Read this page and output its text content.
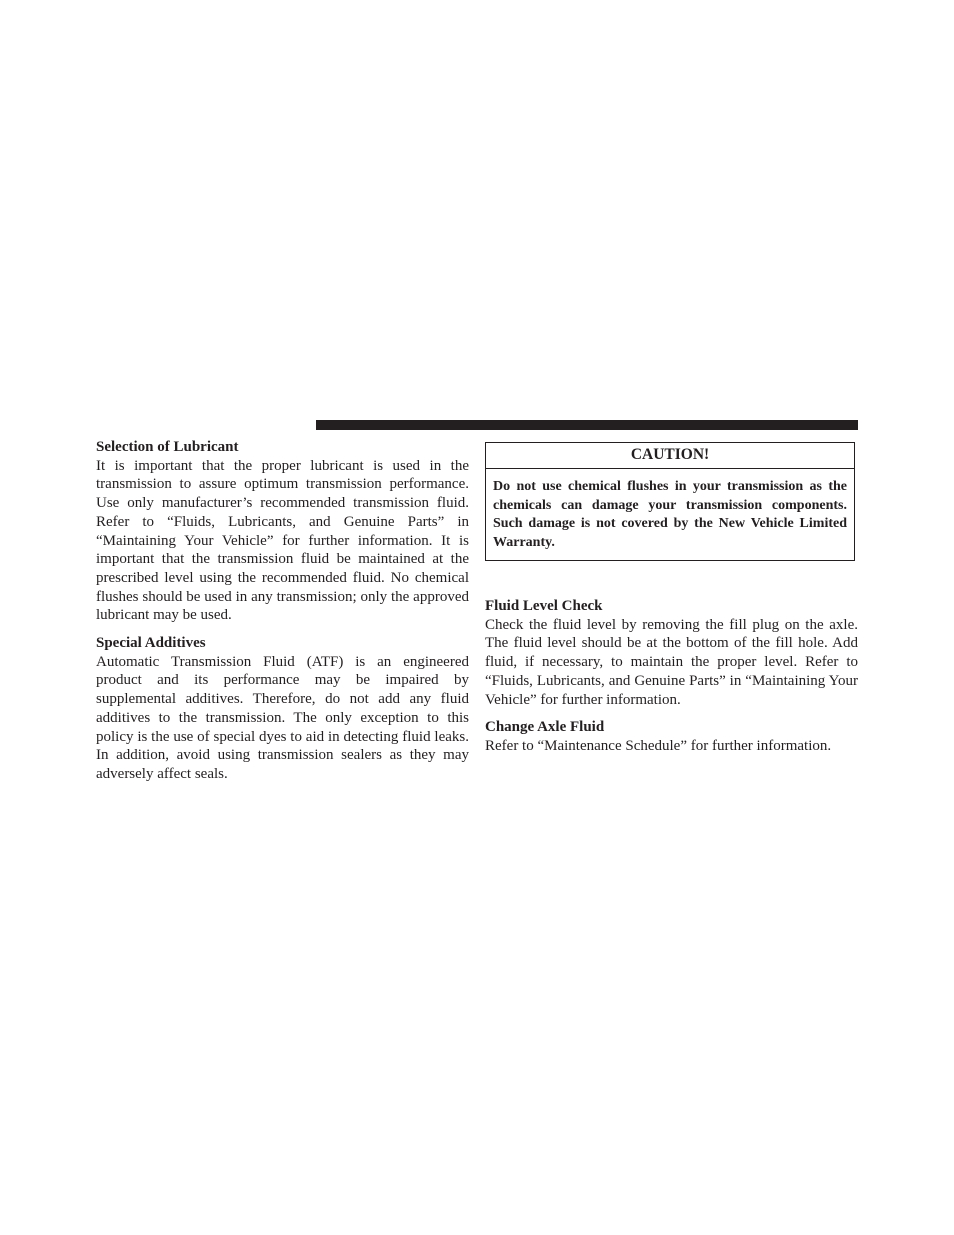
Selection of Lubricant

It is important that the proper lubricant is used in the transmission to assure optimum transmission performance. Use only manufacturer’s recommended transmission fluid. Refer to “Fluids, Lubricants, and Genuine Parts” in “Maintaining Your Vehicle” for further information. It is important that the transmission fluid be maintained at the prescribed level using the recommended fluid. No chemical flushes should be used in any transmission; only the approved lubricant may be used.

Special Additives

Automatic Transmission Fluid (ATF) is an engineered product and its performance may be impaired by supplemental additives. Therefore, do not add any fluid additives to the transmission. The only exception to this policy is the use of special dyes to aid in detecting fluid leaks. In addition, avoid using transmission sealers as they may adversely affect seals.

CAUTION!
Do not use chemical flushes in your transmission as the chemicals can damage your transmission components. Such damage is not covered by the New Vehicle Limited Warranty.

Fluid Level Check

Check the fluid level by removing the fill plug on the axle. The fluid level should be at the bottom of the fill hole. Add fluid, if necessary, to maintain the proper level. Refer to “Fluids, Lubricants, and Genuine Parts” in “Maintaining Your Vehicle” for further information.

Change Axle Fluid

Refer to “Maintenance Schedule” for further information.
